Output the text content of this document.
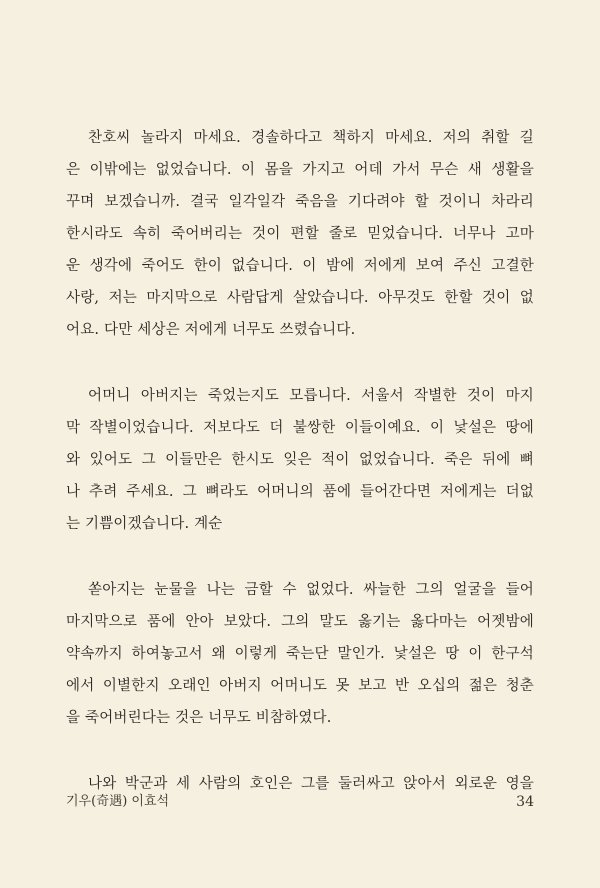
찬호씨 놀라지 마세요. 경솔하다고 책하지 마세요. 저의 취할 길
은 이밖에는 없었습니다. 이 몸을 가지고 어데 가서 무슨 새 생활을
꾸며 보겠습니까. 결국 일각일각 죽음을 기다려야 할 것이니 차라리
한시라도 속히 죽어버리는 것이 편할 줄로 믿었습니다. 너무나 고마
운 생각에 죽어도 한이 없습니다. 이 밤에 저에게 보여 주신 고결한
사랑, 저는 마지막으로 사람답게 살았습니다. 아무것도 한할 것이 없
어요. 다만 세상은 저에게 너무도 쓰렸습니다.

어머니 아버지는 죽었는지도 모릅니다. 서울서 작별한 것이 마지
막 작별이었습니다. 저보다도 더 불쌍한 이들이예요. 이 낯설은 땅에
와 있어도 그 이들만은 한시도 잊은 적이 없었습니다. 죽은 뒤에 뼈
나 추려 주세요. 그 뼈라도 어머니의 품에 들어간다면 저에게는 더없
는 기쁨이겠습니다. 계순

쏟아지는 눈물을 나는 금할 수 없었다. 싸늘한 그의 얼굴을 들어
마지막으로 품에 안아 보았다. 그의 말도 옳기는 옳다마는 어젯밤에
약속까지 하여놓고서 왜 이렇게 죽는단 말인가. 낯설은 땅 이 한구석
에서 이별한지 오래인 아버지 어머니도 못 보고 반 오십의 젊은 청춘
을 죽어버린다는 것은 너무도 비참하였다.

나와 박군과 세 사람의 호인은 그를 둘러싸고 앉아서 외로운 영을

기우(奇遇) 이효석	34
